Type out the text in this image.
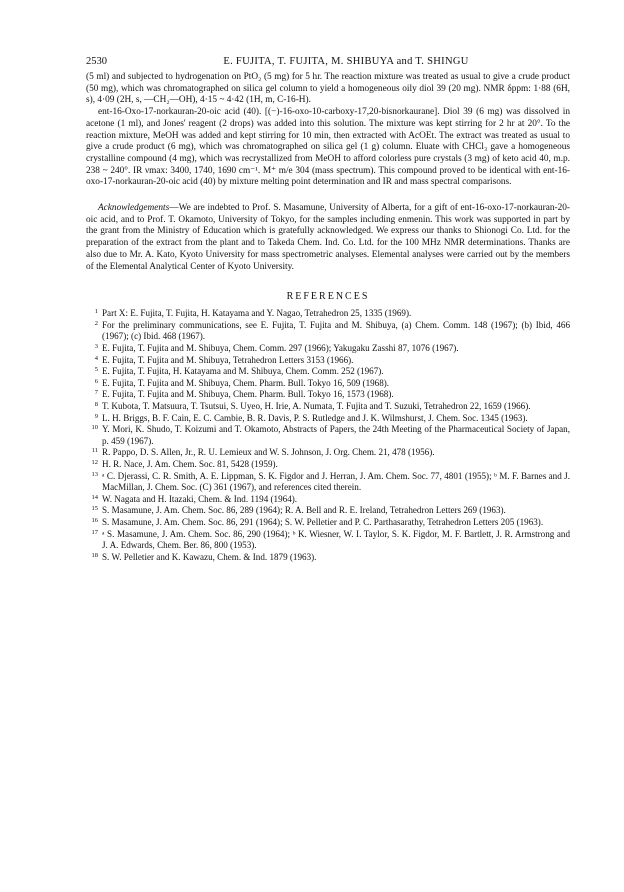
2530	E. FUJITA, T. FUJITA, M. SHIBUYA and T. SHINGU

(5 ml) and subjected to hydrogenation on PtO₂ (5 mg) for 5 hr. The reaction mixture was treated as usual to give a crude product (50 mg), which was chromatographed on silica gel column to yield a homogeneous oily diol 39 (20 mg). NMR δppm: 1·88 (6H, s), 4·09 (2H, s, —CH₂—OH), 4·15 ~ 4·42 (1H, m, C-16-H).

ent-16-Oxo-17-norkauran-20-oic acid (40). [(−)-16-oxo-10-carboxy-17,20-bisnorkaurane]. Diol 39 (6 mg) was dissolved in acetone (1 ml), and Jones' reagent (2 drops) was added into this solution. The mixture was kept stirring for 2 hr at 20°. To the reaction mixture, MeOH was added and kept stirring for 10 min, then extracted with AcOEt. The extract was treated as usual to give a crude product (6 mg), which was chromatographed on silica gel (1 g) column. Eluate with CHCl₃ gave a homogeneous crystalline compound (4 mg), which was recrystallized from MeOH to afford colorless pure crystals (3 mg) of keto acid 40, m.p. 238 ~ 240°. IR νmax: 3400, 1740, 1690 cm⁻¹. M⁺ m/e 304 (mass spectrum). This compound proved to be identical with ent-16-oxo-17-norkauran-20-oic acid (40) by mixture melting point determination and IR and mass spectral comparisons.

Acknowledgements—We are indebted to Prof. S. Masamune, University of Alberta, for a gift of ent-16-oxo-17-norkauran-20-oic acid, and to Prof. T. Okamoto, University of Tokyo, for the samples including enmenin. This work was supported in part by the grant from the Ministry of Education which is gratefully acknowledged. We express our thanks to Shionogi Co. Ltd. for the preparation of the extract from the plant and to Takeda Chem. Ind. Co. Ltd. for the 100 MHz NMR determinations. Thanks are also due to Mr. A. Kato, Kyoto University for mass spectrometric analyses. Elemental analyses were carried out by the members of the Elemental Analytical Center of Kyoto University.

REFERENCES
1 Part X: E. Fujita, T. Fujita, H. Katayama and Y. Nagao, Tetrahedron 25, 1335 (1969).
2 For the preliminary communications, see E. Fujita, T. Fujita and M. Shibuya, (a) Chem. Comm. 148 (1967); (b) Ibid, 466 (1967); (c) Ibid. 468 (1967).
3 E. Fujita, T. Fujita and M. Shibuya, Chem. Comm. 297 (1966); Yakugaku Zasshi 87, 1076 (1967).
4 E. Fujita, T. Fujita and M. Shibuya, Tetrahedron Letters 3153 (1966).
5 E. Fujita, T. Fujita, H. Katayama and M. Shibuya, Chem. Comm. 252 (1967).
6 E. Fujita, T. Fujita and M. Shibuya, Chem. Pharm. Bull. Tokyo 16, 509 (1968).
7 E. Fujita, T. Fujita and M. Shibuya, Chem. Pharm. Bull. Tokyo 16, 1573 (1968).
8 T. Kubota, T. Matsuura, T. Tsutsui, S. Uyeo, H. Irie, A. Numata, T. Fujita and T. Suzuki, Tetrahedron 22, 1659 (1966).
9 L. H. Briggs, B. F. Cain, E. C. Cambie, B. R. Davis, P. S. Rutledge and J. K. Wilmshurst, J. Chem. Soc. 1345 (1963).
10 Y. Mori, K. Shudo, T. Koizumi and T. Okamoto, Abstracts of Papers, the 24th Meeting of the Pharmaceutical Society of Japan, p. 459 (1967).
11 R. Pappo, D. S. Allen, Jr., R. U. Lemieux and W. S. Johnson, J. Org. Chem. 21, 478 (1956).
12 H. R. Nace, J. Am. Chem. Soc. 81, 5428 (1959).
13 ᵃ C. Djerassi, C. R. Smith, A. E. Lippman, S. K. Figdor and J. Herran, J. Am. Chem. Soc. 77, 4801 (1955); ᵇ M. F. Barnes and J. MacMillan, J. Chem. Soc. (C) 361 (1967), and references cited therein.
14 W. Nagata and H. Itazaki, Chem. & Ind. 1194 (1964).
15 S. Masamune, J. Am. Chem. Soc. 86, 289 (1964); R. A. Bell and R. E. Ireland, Tetrahedron Letters 269 (1963).
16 S. Masamune, J. Am. Chem. Soc. 86, 291 (1964); S. W. Pelletier and P. C. Parthasarathy, Tetrahedron Letters 205 (1963).
17 ᵃ S. Masamune, J. Am. Chem. Soc. 86, 290 (1964); ᵇ K. Wiesner, W. I. Taylor, S. K. Figdor, M. F. Bartlett, J. R. Armstrong and J. A. Edwards, Chem. Ber. 86, 800 (1953).
18 S. W. Pelletier and K. Kawazu, Chem. & Ind. 1879 (1963).
